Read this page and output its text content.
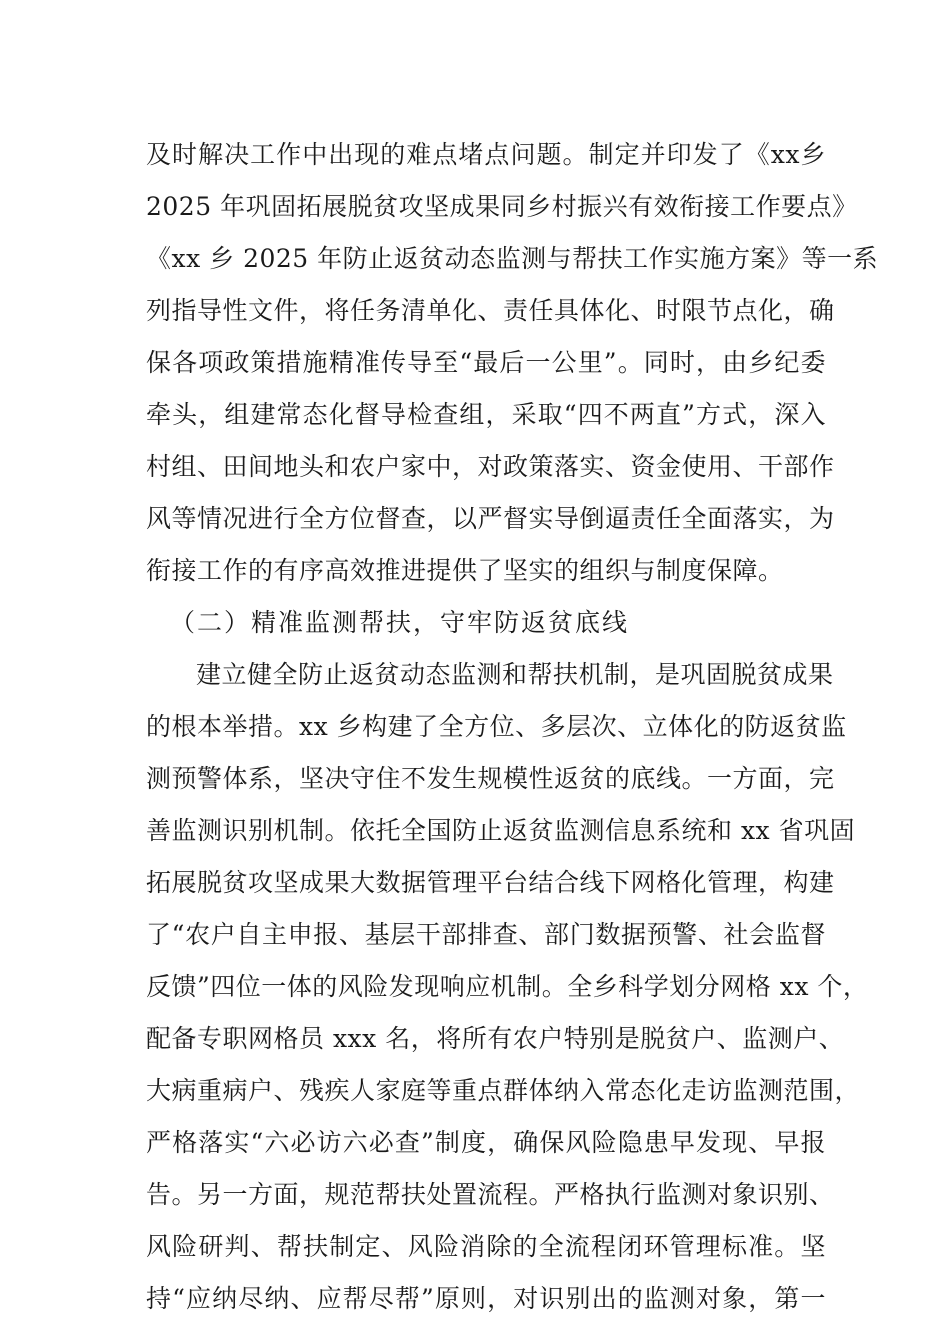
及时解决工作中出现的难点堵点问题。制定并印发了《xx乡
2025 年巩固拓展脱贫攻坚成果同乡村振兴有效衔接工作要点》
《xx 乡 2025 年防止返贫动态监测与帮扶工作实施方案》等一系
列指导性文件，将任务清单化、责任具体化、时限节点化，确
保各项政策措施精准传导至“最后一公里”。同时，由乡纪委
牵头，组建常态化督导检查组，采取“四不两直”方式，深入
村组、田间地头和农户家中，对政策落实、资金使用、干部作
风等情况进行全方位督查，以严督实导倒逼责任全面落实，为
衔接工作的有序高效推进提供了坚实的组织与制度保障。
（二）精准监测帮扶，守牢防返贫底线
建立健全防止返贫动态监测和帮扶机制，是巩固脱贫成果
的根本举措。xx 乡构建了全方位、多层次、立体化的防返贫监
测预警体系，坚决守住不发生规模性返贫的底线。一方面，完
善监测识别机制。依托全国防止返贫监测信息系统和 xx 省巩固
拓展脱贫攻坚成果大数据管理平台结合线下网格化管理，构建
了“农户自主申报、基层干部排查、部门数据预警、社会监督
反馈”四位一体的风险发现响应机制。全乡科学划分网格 xx 个，
配备专职网格员 xxx 名，将所有农户特别是脱贫户、监测户、
大病重病户、残疾人家庭等重点群体纳入常态化走访监测范围，
严格落实“六必访六必查”制度，确保风险隐患早发现、早报
告。另一方面，规范帮扶处置流程。严格执行监测对象识别、
风险研判、帮扶制定、风险消除的全流程闭环管理标准。坚
持“应纳尽纳、应帮尽帮”原则，对识别出的监测对象，第一
